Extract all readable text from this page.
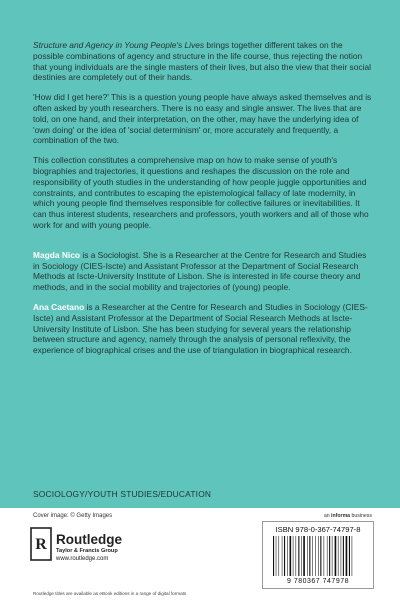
Structure and Agency in Young People's Lives brings together different takes on the possible combinations of agency and structure in the life course, thus rejecting the notion that young individuals are the single masters of their lives, but also the view that their social destinies are completely out of their hands.

'How did I get here?' This is a question young people have always asked themselves and is often asked by youth researchers. There is no easy and single answer. The lives that are told, on one hand, and their interpretation, on the other, may have the underlying idea of 'own doing' or the idea of 'social determinism' or, more accurately and frequently, a combination of the two.

This collection constitutes a comprehensive map on how to make sense of youth's biographies and trajectories, it questions and reshapes the discussion on the role and responsibility of youth studies in the understanding of how people juggle opportunities and constraints, and contributes to escaping the epistemological fallacy of late modernity, in which young people find themselves responsible for collective failures or inevitabilities. It can thus interest students, researchers and professors, youth workers and all of those who work for and with young people.

Magda Nico is a Sociologist. She is a Researcher at the Centre for Research and Studies in Sociology (CIES-Iscte) and Assistant Professor at the Department of Social Research Methods at Iscte-University Institute of Lisbon. She is interested in life course theory and methods, and in the social mobility and trajectories of (young) people.

Ana Caetano is a Researcher at the Centre for Research and Studies in Sociology (CIES-Iscte) and Assistant Professor at the Department of Social Research Methods at Iscte-University Institute of Lisbon. She has been studying for several years the relationship between structure and agency, namely through the analysis of personal reflexivity, the experience of biographical crises and the use of triangulation in biographical research.

SOCIOLOGY/YOUTH STUDIES/EDUCATION
Cover image: © Getty Images	an informa business
R Routledge
Taylor & Francis Group
www.routledge.com
ISBN 978-0-367-74797-8
9 780367 747978
Routledge titles are available as eBook editions in a range of digital formats
